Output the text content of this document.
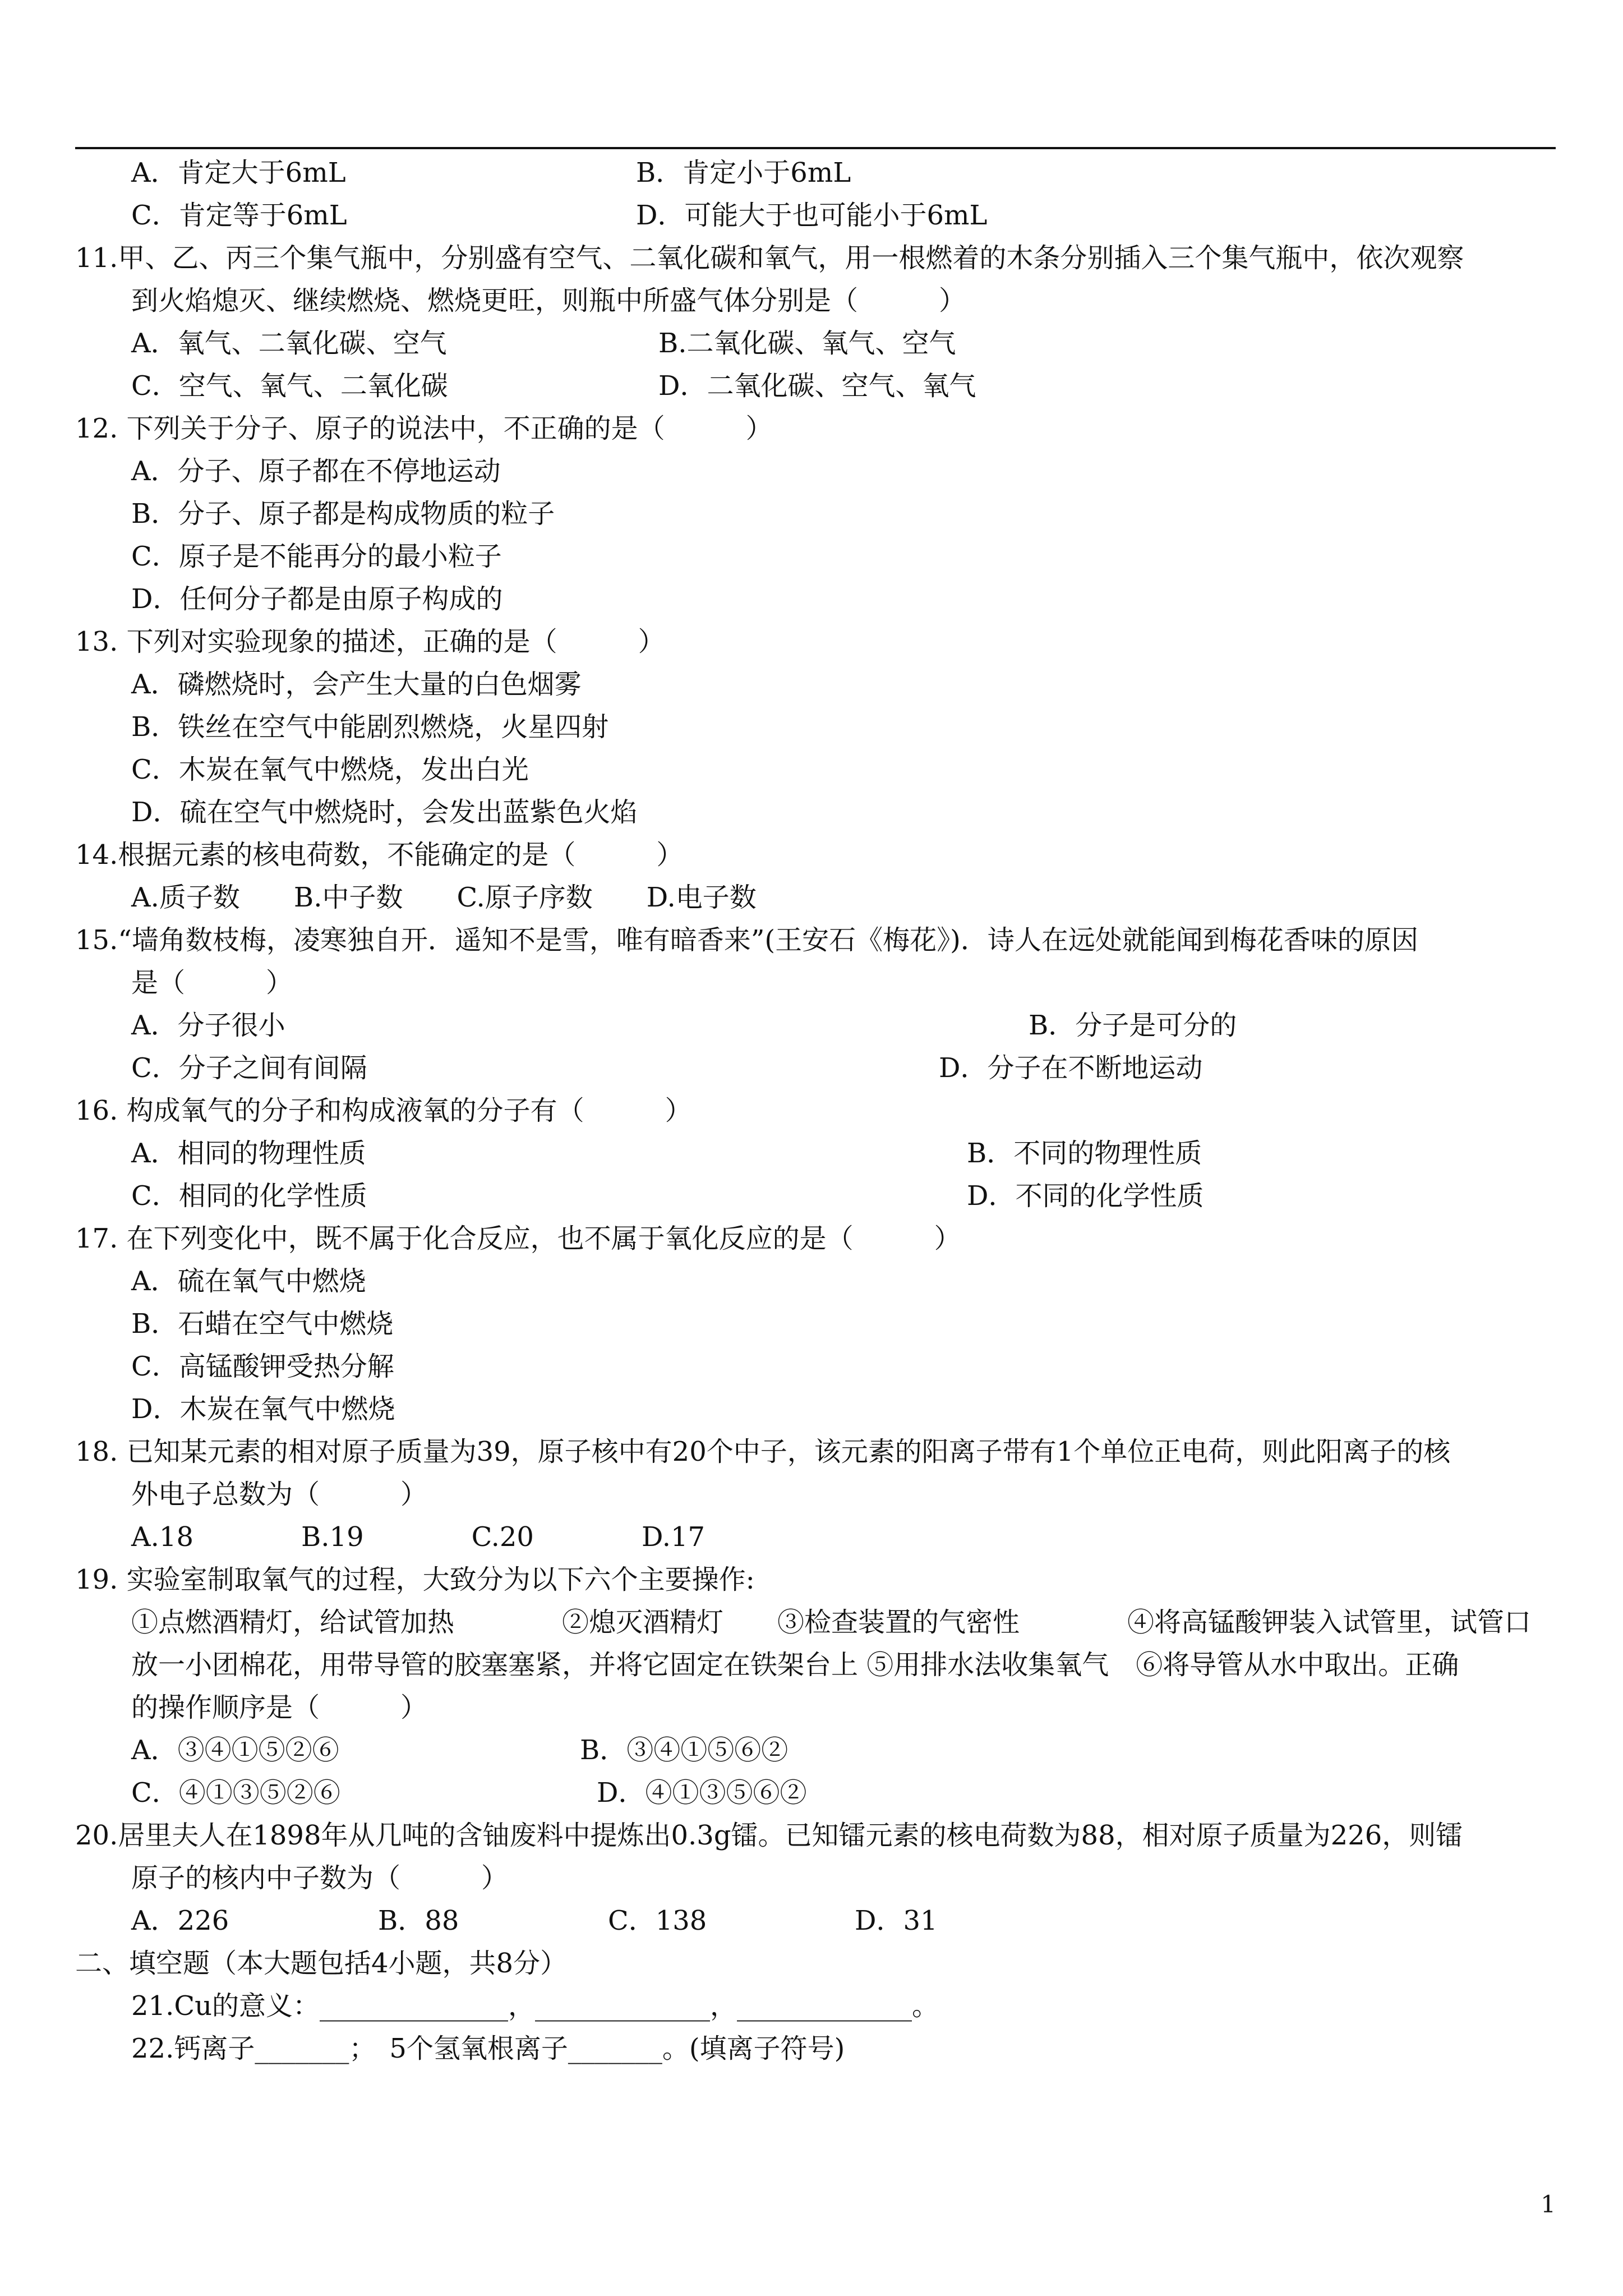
A．肯定大于6mL	B．肯定小于6mL
C．肯定等于6mL	D．可能大于也可能小于6mL
11.甲、乙、丙三个集气瓶中，分别盛有空气、二氧化碳和氧气，用一根燃着的木条分别插入三个集气瓶中，依次观察
到火焰熄灭、继续燃烧、燃烧更旺，则瓶中所盛气体分别是（　　　）
A．氧气、二氧化碳、空气	B.二氧化碳、氧气、空气
C．空气、氧气、二氧化碳	D．二氧化碳、空气、氧气
12. 下列关于分子、原子的说法中，不正确的是（　　　）
A．分子、原子都在不停地运动
B．分子、原子都是构成物质的粒子
C．原子是不能再分的最小粒子
D．任何分子都是由原子构成的
13. 下列对实验现象的描述，正确的是（　　　）
A．磷燃烧时，会产生大量的白色烟雾
B．铁丝在空气中能剧烈燃烧，火星四射
C．木炭在氧气中燃烧，发出白光
D．硫在空气中燃烧时，会发出蓝紫色火焰
14.根据元素的核电荷数，不能确定的是（　　　）
A.质子数　　B.中子数　　C.原子序数　　D.电子数
15.“墙角数枝梅，凌寒独自开．遥知不是雪，唯有暗香来”(王安石《梅花》)．诗人在远处就能闻到梅花香味的原因
是（　　　）
A．分子很小	B．分子是可分的
C．分子之间有间隔	D．分子在不断地运动
16. 构成氧气的分子和构成液氧的分子有（　　　）
A．相同的物理性质	B．不同的物理性质
C．相同的化学性质	D．不同的化学性质
17. 在下列变化中，既不属于化合反应，也不属于氧化反应的是（　　　）
A．硫在氧气中燃烧
B．石蜡在空气中燃烧
C．高锰酸钾受热分解
D．木炭在氧气中燃烧
18. 已知某元素的相对原子质量为39，原子核中有20个中子，该元素的阳离子带有1个单位正电荷，则此阳离子的核
外电子总数为（　　　）
A.18　　　　B.19　　　　C.20　　　　D.17
19. 实验室制取氧气的过程，大致分为以下六个主要操作:
①点燃酒精灯，给试管加热　　　　②熄灭酒精灯　　③检查装置的气密性　　　　④将高锰酸钾装入试管里，试管口
放一小团棉花，用带导管的胶塞塞紧，并将它固定在铁架台上 ⑤用排水法收集氧气　⑥将导管从水中取出。正确
的操作顺序是（　　　）
A．③④①⑤②⑥	B．③④①⑤⑥②
C．④①③⑤②⑥	D．④①③⑤⑥②
20.居里夫人在1898年从几吨的含铀废料中提炼出0.3g镭。已知镭元素的核电荷数为88，相对原子质量为226，则镭
原子的核内中子数为（　　　）
A．226	B．88	C．138	D．31
二、填空题（本大题包括4小题，共8分）
21.Cu的意义：______________，_____________，_____________。
22.钙离子_______；　5个氢氧根离子_______。(填离子符号)
1
